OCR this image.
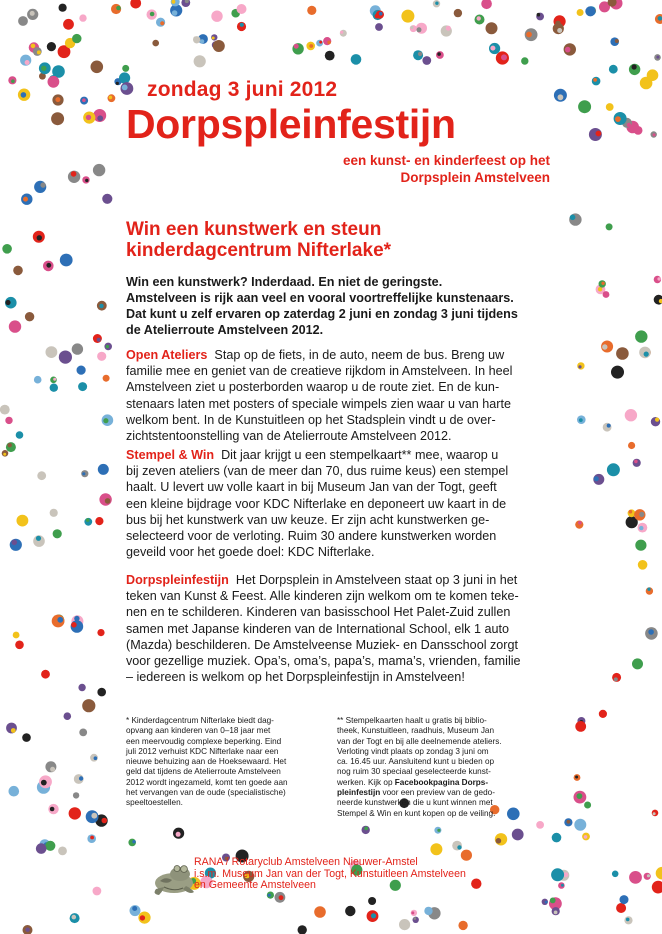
zondag 3 juni 2012
Dorpspleinfestijn
een kunst- en kinderfeest op het
Dorpsplein Amstelveen
Win een kunstwerk en steun
kinderdagcentrum Nifterlake*
Win een kunstwerk? Inderdaad. En niet de geringste.
Amstelveen is rijk aan veel en vooral voortreffelijke kunstenaars.
Dat kunt u zelf ervaren op zaterdag 2 juni en zondag 3 juni tijdens
de Atelierroute Amstelveen 2012.
Open Ateliers Stap op de fiets, in de auto, neem de bus. Breng uw
familie mee en geniet van de creatieve rijkdom in Amstelveen. In heel
Amstelveen ziet u posterborden waarop u de route ziet. En de kun-
stenaars laten met posters of speciale wimpels zien waar u van harte
welkom bent. In de Kunstuitleen op het Stadsplein vindt u de over-
zichtstentoonstelling van de Atelierroute Amstelveen 2012.
Stempel & Win Dit jaar krijgt u een stempelkaart** mee, waarop u
bij zeven ateliers (van de meer dan 70, dus ruime keus) een stempel
haalt. U levert uw volle kaart in bij Museum Jan van der Togt, geeft
een kleine bijdrage voor KDC Nifterlake en deponeert uw kaart in de
bus bij het kunstwerk van uw keuze. Er zijn acht kunstwerken ge-
selecteerd voor de verloting. Ruim 30 andere kunstwerken worden
geveild voor het goede doel: KDC Nifterlake.
Dorpspleinfestijn Het Dorpsplein in Amstelveen staat op 3 juni in het
teken van Kunst & Feest. Alle kinderen zijn welkom om te komen teke-
nen en te schilderen. Kinderen van basisschool Het Palet-Zuid zullen
samen met Japanse kinderen van de International School, elk 1 auto
(Mazda) beschilderen. De Amstelveense Muziek- en Dansschool zorgt
voor gezellige muziek. Opa’s, oma’s, papa’s, mama’s, vrienden, familie
– iedereen is welkom op het Dorpspleinfestijn in Amstelveen!
* Kinderdagcentrum Nifterlake biedt dag-
opvang aan kinderen van 0–18 jaar met
een meervoudig complexe beperking. Eind
juli 2012 verhuist KDC Nifterlake naar een
nieuwe behuizing aan de Hoeksewaard. Het
geld dat tijdens de Atelierroute Amstelveen
2012 wordt ingezameld, komt ten goede aan
het vervangen van de oude (specialistische)
speeltoestellen.
** Stempelkaarten haalt u gratis bij biblio-
theek, Kunstuitleen, raadhuis, Museum Jan
van der Togt en bij alle deelnemende ateliers.
Verloting vindt plaats op zondag 3 juni om
ca. 16.45 uur. Aansluitend kunt u bieden op
nog ruim 30 speciaal geselecteerde kunst-
werken. Kijk op Facebookpagina Dorps-
pleinfestijn voor een preview van de gedo-
neerde kunstwerken die u kunt winnen met
Stempel & Win en kunt kopen op de veiling.
RANA / Rotaryclub Amstelveen Nieuwer-Amstel
i.s.m. Museum Jan van der Togt, Kunstuitleen Amstelveen
en Gemeente Amstelveen
